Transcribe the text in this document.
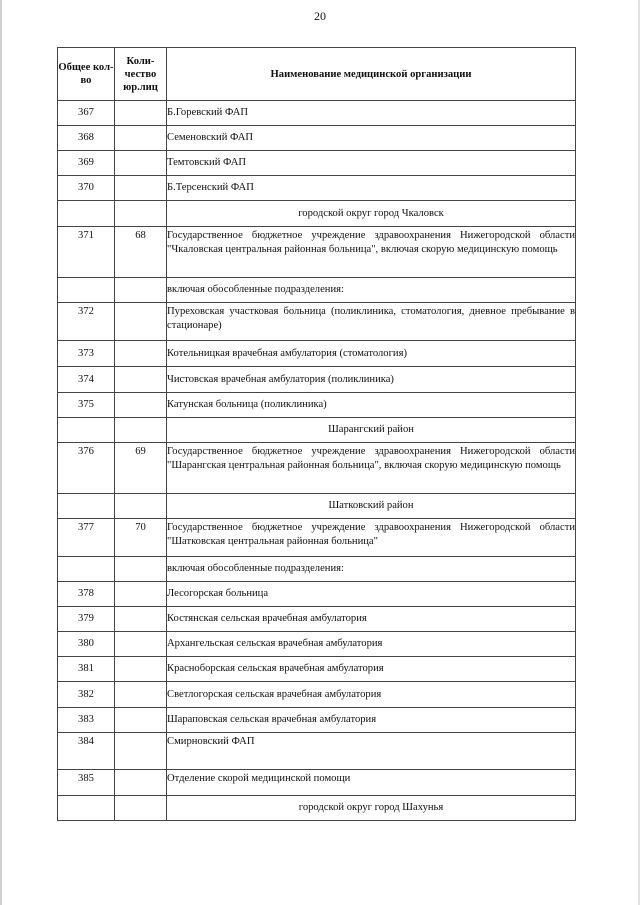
20
Общее кол-во	Коли-чество юр.лиц	Наименование медицинской организации
367		Б.Горевский ФАП
368		Семеновский ФАП
369		Темтовский ФАП
370		Б.Терсенский ФАП
		городской округ город Чкаловск
371	68	Государственное бюджетное учреждение здравоохранения Нижегородской области "Чкаловская центральная районная больница", включая скорую медицинскую помощь
		включая обособленные подразделения:
372		Пуреховская участковая больница (поликлиника, стоматология, дневное пребывание в стационаре)
373		Котельницкая врачебная амбулатория (стоматология)
374		Чистовская врачебная амбулатория (поликлиника)
375		Катунская больница (поликлиника)
		Шарангский район
376	69	Государственное бюджетное учреждение здравоохранения Нижегородской области "Шарангская центральная районная больница", включая скорую медицинскую помощь
		Шатковский район
377	70	Государственное бюджетное учреждение здравоохранения Нижегородской области "Шатковская центральная районная больница"
		включая обособленные подразделения:
378		Лесогорская больница
379		Костянская сельская врачебная амбулатория
380		Архангельская сельская врачебная амбулатория
381		Красноборская сельская врачебная амбулатория
382		Светлогорская сельская врачебная амбулатория
383		Шараповская сельская врачебная амбулатория
384		Смирновский ФАП
385		Отделение скорой медицинской помощи
		городской округ город Шахунья
